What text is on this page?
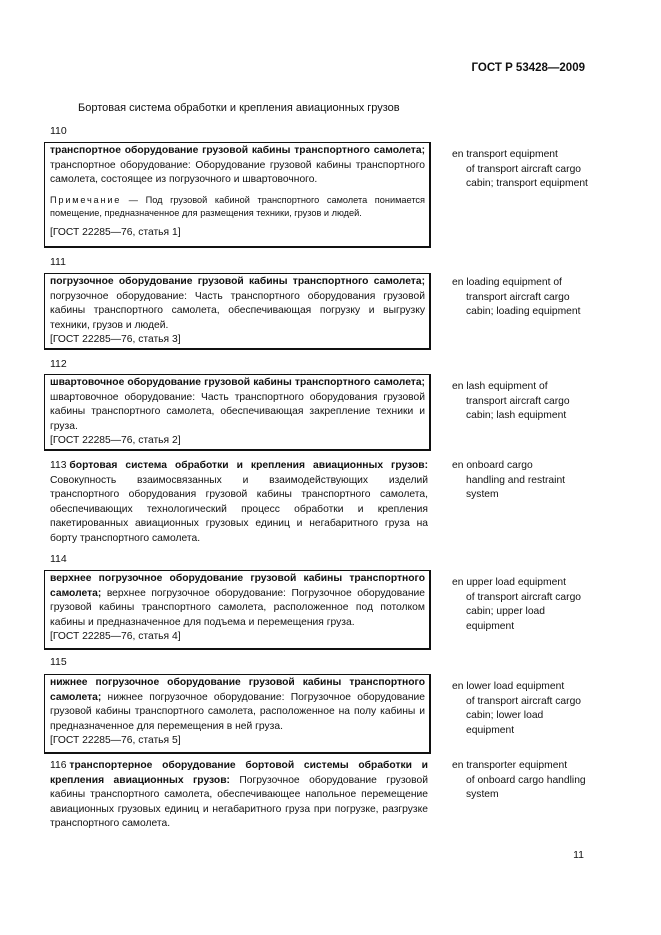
ГОСТ Р 53428—2009
Бортовая система обработки и крепления авиационных грузов
110
транспортное оборудование грузовой кабины транспортного самолета; транспортное оборудование: Оборудование грузовой кабины транспортного самолета, состоящее из погрузочного и швартовочного.
Примечание — Под грузовой кабиной транспортного самолета понимается помещение, предназначенное для размещения техники, грузов и людей.
[ГОСТ 22285—76, статья 1]
en transport equipment
of transport aircraft cargo cabin; transport equipment
111
погрузочное оборудование грузовой кабины транспортного самолета; погрузочное оборудование: Часть транспортного оборудования грузовой кабины транспортного самолета, обеспечивающая погрузку и выгрузку техники, грузов и людей.
[ГОСТ 22285—76, статья 3]
en loading equipment of
transport aircraft cargo cabin; loading equipment
112
швартовочное оборудование грузовой кабины транспортного самолета; швартовочное оборудование: Часть транспортного оборудования грузовой кабины транспортного самолета, обеспечивающая закрепление техники и груза.
[ГОСТ 22285—76, статья 2]
en lash equipment of
transport aircraft cargo cabin; lash equipment
113 бортовая система обработки и крепления авиационных грузов: Совокупность взаимосвязанных и взаимодействующих изделий транспортного оборудования грузовой кабины транспортного самолета, обеспечивающих технологический процесс обработки и крепления пакетированных авиационных грузовых единиц и негабаритного груза на борту транспортного самолета.
en onboard cargo
handling and restraint system
114
верхнее погрузочное оборудование грузовой кабины транспортного самолета; верхнее погрузочное оборудование: Погрузочное оборудование грузовой кабины транспортного самолета, расположенное под потолком кабины и предназначенное для подъема и перемещения груза.
[ГОСТ 22285—76, статья 4]
en upper load equipment
of transport aircraft cargo cabin; upper load equipment
115
нижнее погрузочное оборудование грузовой кабины транспортного самолета; нижнее погрузочное оборудование: Погрузочное оборудование грузовой кабины транспортного самолета, расположенное на полу кабины и предназначенное для перемещения в ней груза.
[ГОСТ 22285—76, статья 5]
en lower load equipment
of transport aircraft cargo cabin; lower load equipment
116 транспортерное оборудование бортовой системы обработки и крепления авиационных грузов: Погрузочное оборудование грузовой кабины транспортного самолета, обеспечивающее напольное перемещение авиационных грузовых единиц и негабаритного груза при погрузке, разгрузке транспортного самолета.
en transporter equipment
of onboard cargo handling system
11
